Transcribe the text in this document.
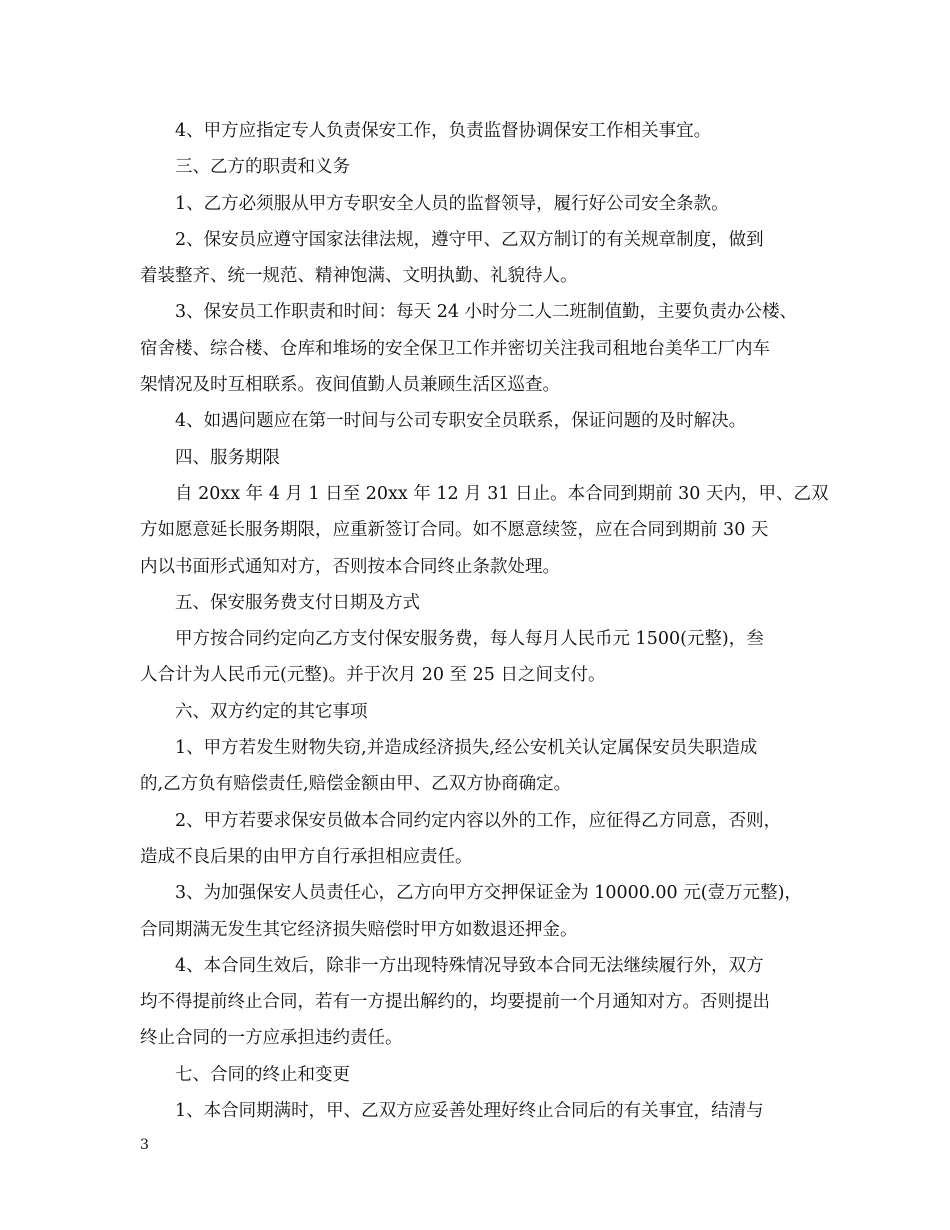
4、甲方应指定专人负责保安工作，负责监督协调保安工作相关事宜。

三、乙方的职责和义务

1、乙方必须服从甲方专职安全人员的监督领导，履行好公司安全条款。

2、保安员应遵守国家法律法规，遵守甲、乙双方制订的有关规章制度，做到
着装整齐、统一规范、精神饱满、文明执勤、礼貌待人。

3、保安员工作职责和时间：每天 24 小时分二人二班制值勤，主要负责办公楼、
宿舍楼、综合楼、仓库和堆场的安全保卫工作并密切关注我司租地台美华工厂内车
架情况及时互相联系。夜间值勤人员兼顾生活区巡查。

4、如遇问题应在第一时间与公司专职安全员联系，保证问题的及时解决。

四、服务期限

自 20xx 年 4 月 1 日至 20xx 年 12 月 31 日止。本合同到期前 30 天内，甲、乙双
方如愿意延长服务期限，应重新签订合同。如不愿意续签，应在合同到期前 30 天
内以书面形式通知对方，否则按本合同终止条款处理。

五、保安服务费支付日期及方式

甲方按合同约定向乙方支付保安服务费，每人每月人民币元 1500(元整)，叁
人合计为人民币元(元整)。并于次月 20 至 25 日之间支付。

六、双方约定的其它事项

1、甲方若发生财物失窃,并造成经济损失,经公安机关认定属保安员失职造成
的,乙方负有赔偿责任,赔偿金额由甲、乙双方协商确定。

2、甲方若要求保安员做本合同约定内容以外的工作，应征得乙方同意，否则，
造成不良后果的由甲方自行承担相应责任。

3、为加强保安人员责任心，乙方向甲方交押保证金为 10000.00 元(壹万元整)，
合同期满无发生其它经济损失赔偿时甲方如数退还押金。

4、本合同生效后，除非一方出现特殊情况导致本合同无法继续履行外，双方
均不得提前终止合同，若有一方提出解约的，均要提前一个月通知对方。否则提出
终止合同的一方应承担违约责任。

七、合同的终止和变更

1、本合同期满时，甲、乙双方应妥善处理好终止合同后的有关事宜，结清与

3
